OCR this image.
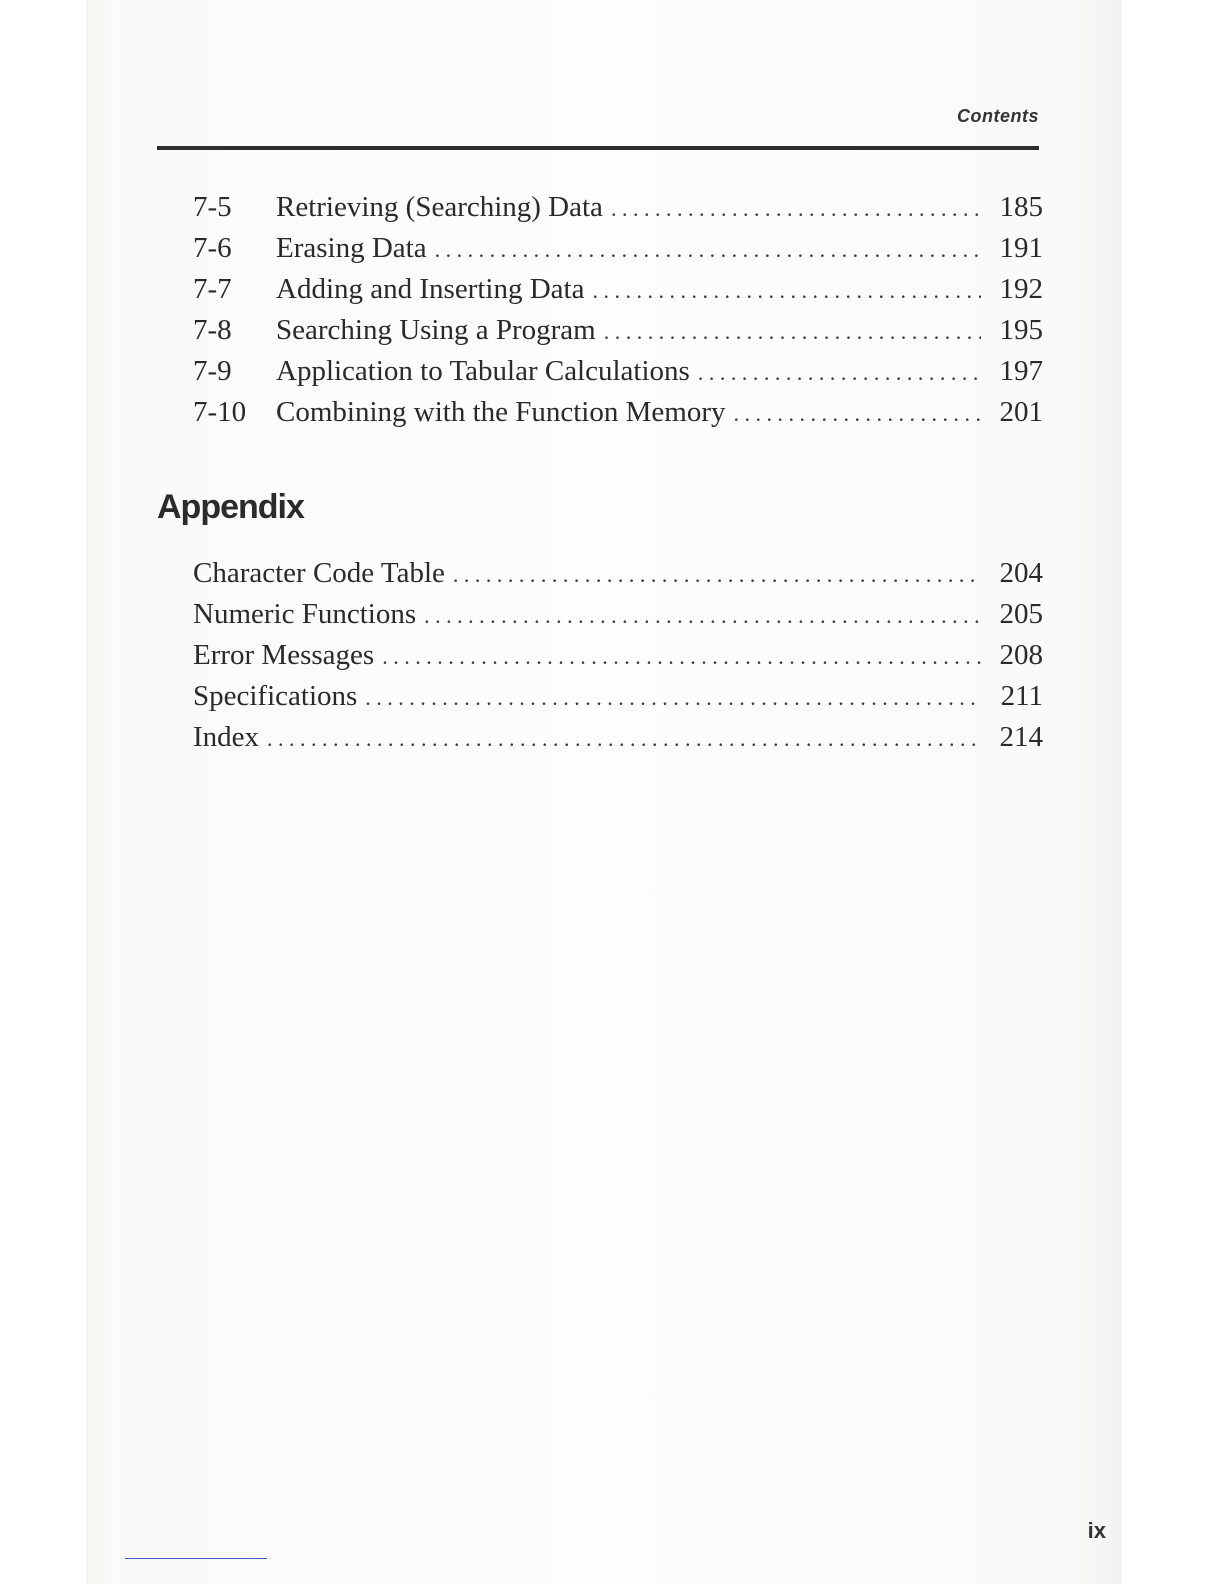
Contents
7-5	Retrieving (Searching) Data . . .	185
7-6	Erasing Data . . .	191
7-7	Adding and Inserting Data . . .	192
7-8	Searching Using a Program . . .	195
7-9	Application to Tabular Calculations . . .	197
7-10	Combining with the Function Memory . . .	201
Appendix
Character Code Table . . .	204
Numeric Functions . . .	205
Error Messages . . .	208
Specifications . . .	211
Index . . .	214
ix
